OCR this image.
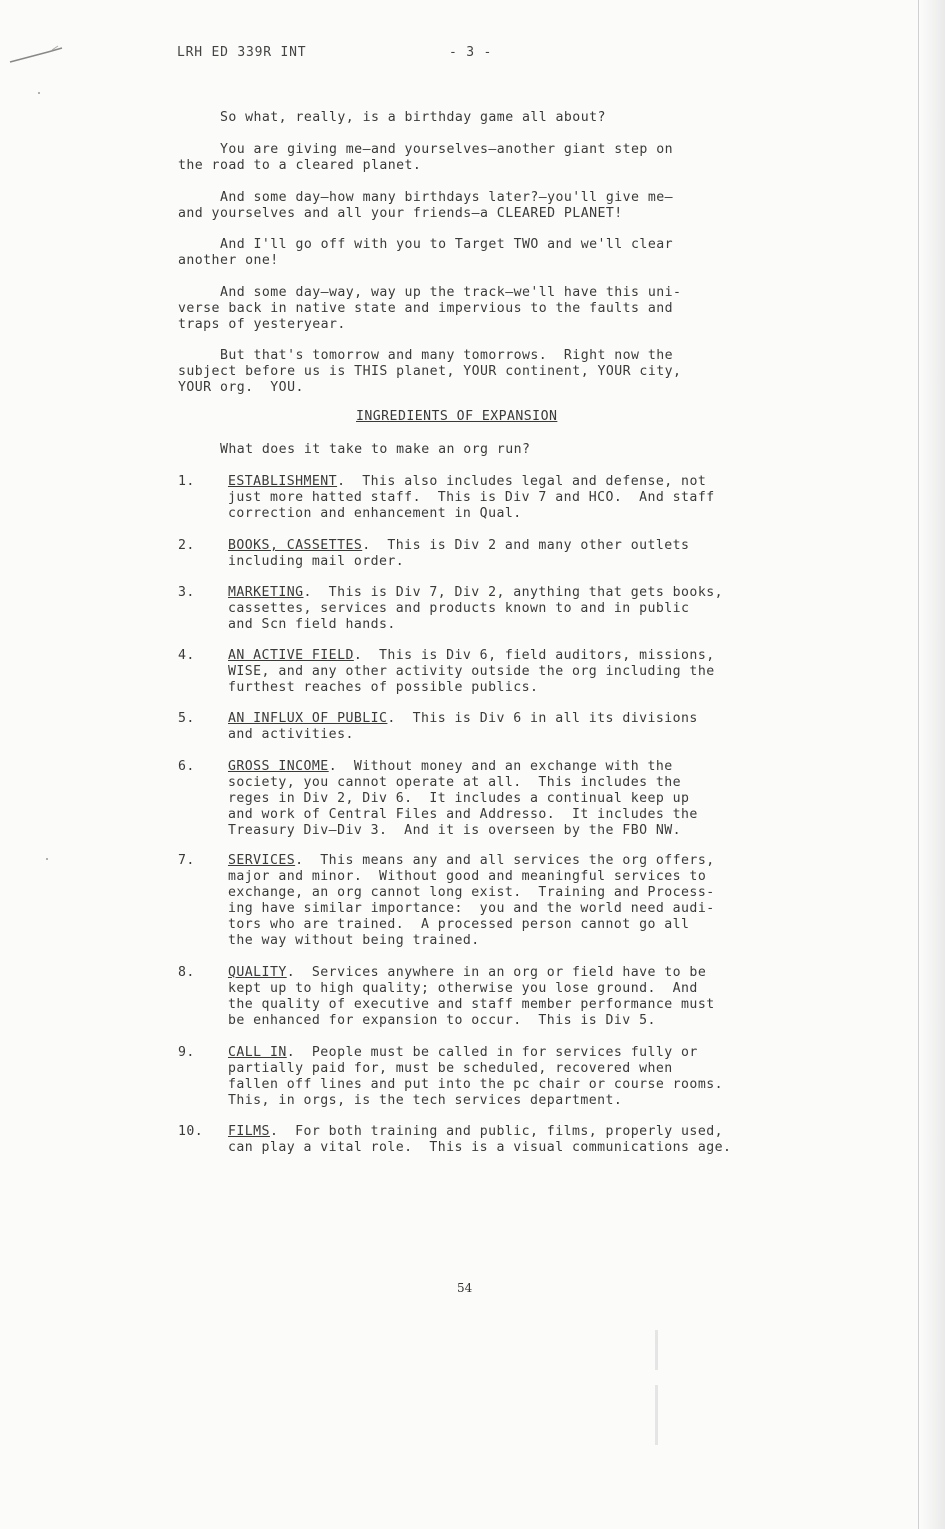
LRH ED 339R INT	- 3 -
So what, really, is a birthday game all about?
You are giving me—and yourselves—another giant step on
the road to a cleared planet.
And some day—how many birthdays later?—you'll give me—
and yourselves and all your friends—a CLEARED PLANET!
And I'll go off with you to Target TWO and we'll clear
another one!
And some day—way, way up the track—we'll have this uni-
verse back in native state and impervious to the faults and
traps of yesteryear.
But that's tomorrow and many tomorrows.  Right now the
subject before us is THIS planet, YOUR continent, YOUR city,
YOUR org.  YOU.
INGREDIENTS OF EXPANSION
What does it take to make an org run?
1.	ESTABLISHMENT.  This also includes legal and defense, not
just more hatted staff.  This is Div 7 and HCO.  And staff
correction and enhancement in Qual.
2.	BOOKS, CASSETTES.  This is Div 2 and many other outlets
including mail order.
3.	MARKETING.  This is Div 7, Div 2, anything that gets books,
cassettes, services and products known to and in public
and Scn field hands.
4.	AN ACTIVE FIELD.  This is Div 6, field auditors, missions,
WISE, and any other activity outside the org including the
furthest reaches of possible publics.
5.	AN INFLUX OF PUBLIC.  This is Div 6 in all its divisions
and activities.
6.	GROSS INCOME.  Without money and an exchange with the
society, you cannot operate at all.  This includes the
reges in Div 2, Div 6.  It includes a continual keep up
and work of Central Files and Addresso.  It includes the
Treasury Div—Div 3.  And it is overseen by the FBO NW.
7.	SERVICES.  This means any and all services the org offers,
major and minor.  Without good and meaningful services to
exchange, an org cannot long exist.  Training and Process-
ing have similar importance:  you and the world need audi-
tors who are trained.  A processed person cannot go all
the way without being trained.
8.	QUALITY.  Services anywhere in an org or field have to be
kept up to high quality; otherwise you lose ground.  And
the quality of executive and staff member performance must
be enhanced for expansion to occur.  This is Div 5.
9.	CALL IN.  People must be called in for services fully or
partially paid for, must be scheduled, recovered when
fallen off lines and put into the pc chair or course rooms.
This, in orgs, is the tech services department.
10.	FILMS.  For both training and public, films, properly used,
can play a vital role.  This is a visual communications age.
54
